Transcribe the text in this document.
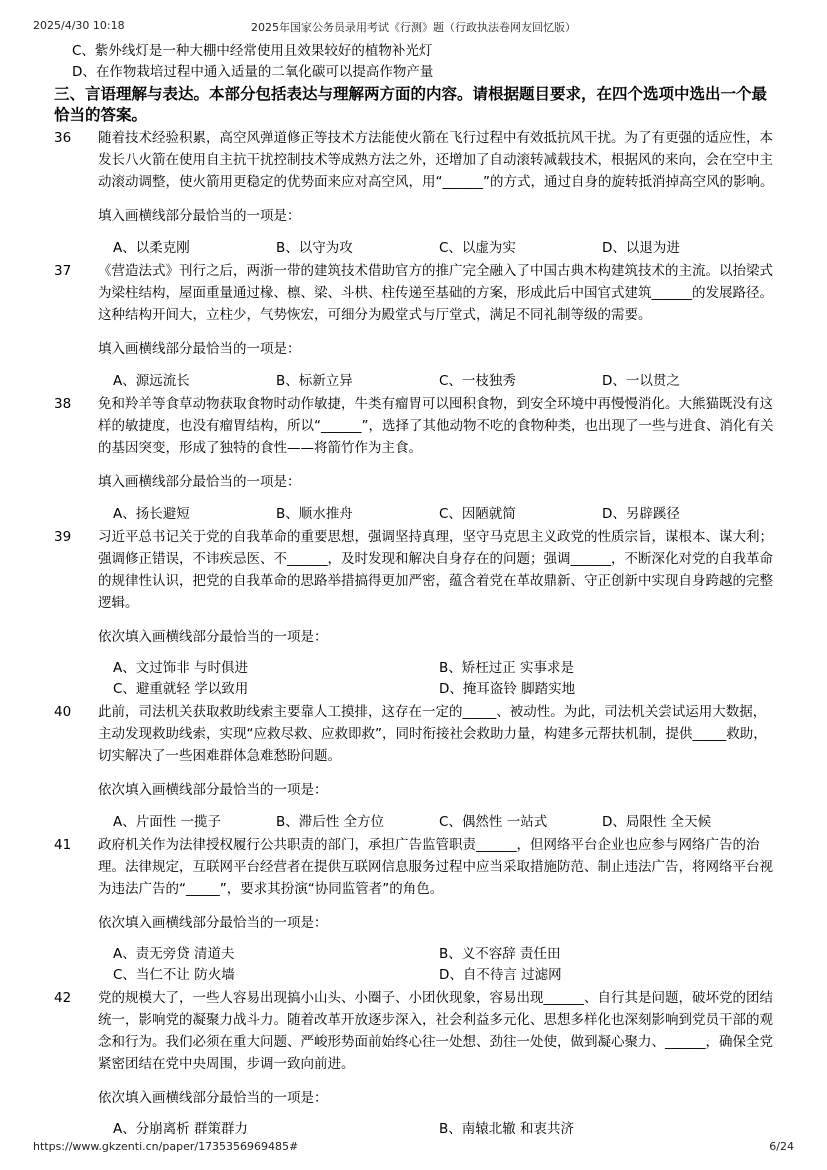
2025/4/30 10:18	2025年国家公务员录用考试《行测》题（行政执法卷网友回忆版）
C、紫外线灯是一种大棚中经常使用且效果较好的植物补光灯
D、在作物栽培过程中通入适量的二氧化碳可以提高作物产量
三、言语理解与表达。本部分包括表达与理解两方面的内容。请根据题目要求，在四个选项中选出一个最恰当的答案。
36	随着技术经验积累，高空风弹道修正等技术方法能使火箭在飞行过程中有效抵抗风干扰。为了有更强的适应性，本发长八火箭在使用自主抗干扰控制技术等成熟方法之外，还增加了自动滚转减载技术，根据风的来向，会在空中主动滚动调整，使火箭用更稳定的优势面来应对高空风，用“______”的方式，通过自身的旋转抵消掉高空风的影响。
填入画横线部分最恰当的一项是：
A、以柔克刚	B、以守为攻	C、以虚为实	D、以退为进
37	《营造法式》刊行之后，两浙一带的建筑技术借助官方的推广完全融入了中国古典木构建筑技术的主流。以抬梁式为梁柱结构，屋面重量通过椽、檩、梁、斗栱、柱传递至基础的方案，形成此后中国官式建筑______的发展路径。这种结构开间大，立柱少，气势恢宏，可细分为殿堂式与厅堂式，满足不同礼制等级的需要。
填入画横线部分最恰当的一项是：
A、源远流长	B、标新立异	C、一枝独秀	D、一以贯之
38	免和羚羊等食草动物获取食物时动作敏捷，牛类有瘤胃可以囤积食物，到安全环境中再慢慢消化。大熊猫既没有这样的敏捷度，也没有瘤胃结构，所以“______”，选择了其他动物不吃的食物种类，也出现了一些与进食、消化有关的基因突变，形成了独特的食性——将箭竹作为主食。
填入画横线部分最恰当的一项是：
A、扬长避短	B、顺水推舟	C、因陋就简	D、另辟蹊径
39	习近平总书记关于党的自我革命的重要思想，强调坚持真理，坚守马克思主义政党的性质宗旨，谋根本、谋大利；强调修正错误，不讳疾忌医、不______，及时发现和解决自身存在的问题；强调______，不断深化对党的自我革命的规律性认识，把党的自我革命的思路举措搞得更加严密，蕴含着党在革故鼎新、守正创新中实现自身跨越的完整逻辑。
依次填入画横线部分最恰当的一项是：
A、文过饰非 与时俱进	B、矫枉过正 实事求是
C、避重就轻 学以致用	D、掩耳盗铃 脚踏实地
40	此前，司法机关获取救助线索主要靠人工摸排，这存在一定的_____、被动性。为此，司法机关尝试运用大数据，主动发现救助线索，实现“应救尽救、应救即救”，同时衔接社会救助力量，构建多元帮扶机制，提供_____救助，切实解决了一些困难群体急难愁盼问题。
依次填入画横线部分最恰当的一项是：
A、片面性 一揽子	B、滞后性 全方位	C、偶然性 一站式	D、局限性 全天候
41	政府机关作为法律授权履行公共职责的部门，承担广告监管职责______，但网络平台企业也应参与网络广告的治理。法律规定，互联网平台经营者在提供互联网信息服务过程中应当采取措施防范、制止违法广告，将网络平台视为违法广告的“_____”，要求其扮演“协同监管者”的角色。
依次填入画横线部分最恰当的一项是：
A、责无旁贷 清道夫	B、义不容辞 责任田
C、当仁不让 防火墙	D、自不待言 过滤网
42	党的规模大了，一些人容易出现搞小山头、小圈子、小团伙现象，容易出现______、自行其是问题，破坏党的团结统一，影响党的凝聚力战斗力。随着改革开放逐步深入，社会利益多元化、思想多样化也深刻影响到党员干部的观念和行为。我们必须在重大问题、严峻形势面前始终心往一处想、劲往一处使，做到凝心聚力、______，确保全党紧密团结在党中央周围，步调一致向前进。
依次填入画横线部分最恰当的一项是：
A、分崩离析 群策群力	B、南辕北辙 和衷共济
https://www.gkzenti.cn/paper/1735356969485#	6/24
